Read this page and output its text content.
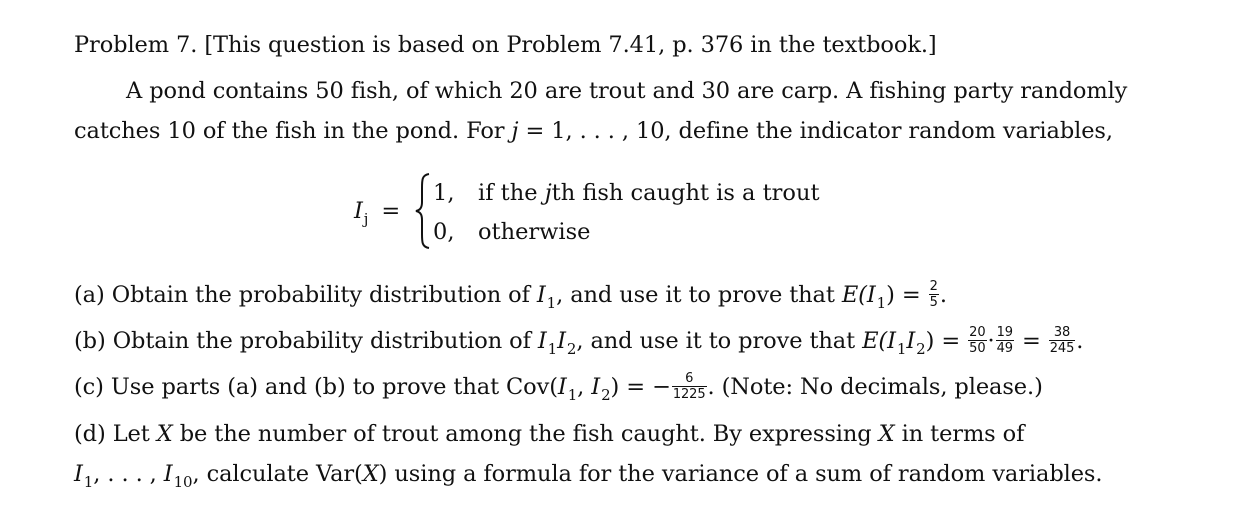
Problem 7. [This question is based on Problem 7.41, p. 376 in the textbook.]
A pond contains 50 fish, of which 20 are trout and 30 are carp. A fishing party randomly
catches 10 of the fish in the pond. For j = 1, . . . , 10, define the indicator random variables,
$I_j$ =
1, if the jth fish caught is a trout
0, otherwise
(a) Obtain the probability distribution of $I_1$, and use it to prove that $E(I_1) = \frac{2}{5}$ .
(b) Obtain the probability distribution of $I_1I_2$, and use it to prove that $E(I_1I_2) = \frac{20}{50} \cdot \frac{19}{49} = \frac{38}{245}$ .
(c) Use parts (a) and (b) to prove that $Cov(I_1$, $I_2$) = − $\frac{6}{1225}$ . (Note: No decimals, please.)
(d) Let X be the number of trout among the fish caught. By expressing X in terms of
$I_1$, . . . , $I_{10}$, calculate Var(X) using a formula for the variance of a sum of random variables.
